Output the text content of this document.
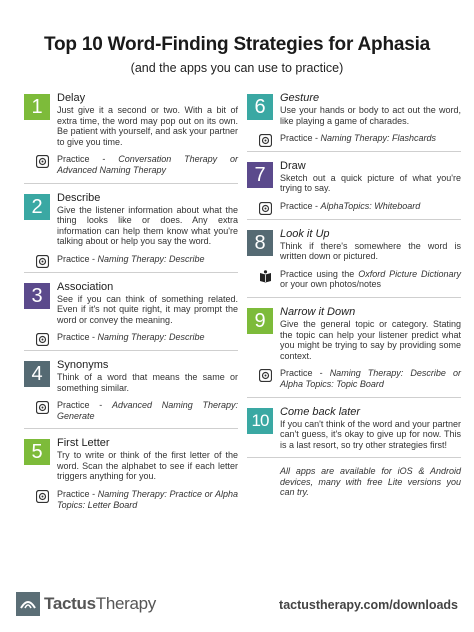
Top 10 Word-Finding Strategies for Aphasia
(and the apps you can use to practice)
1	Delay
Just give it a second or two. With a bit of extra time, the word may pop out on its own. Be patient with yourself, and ask your partner to give you time.
Practice - Conversation Therapy or Advanced Naming Therapy
2	Describe
Give the listener information about what the thing looks like or does. Any extra information can help them know what you're talking about or help you say the word.
Practice - Naming Therapy: Describe
3	Association
See if you can think of something related. Even if it's not quite right, it may prompt the word or convey the meaning.
Practice - Naming Therapy: Describe
4	Synonyms
Think of a word that means the same or something similar.
Practice - Advanced Naming Therapy: Generate
5	First Letter
Try to write or think of the first letter of the word. Scan the alphabet to see if each letter triggers anything for you.
Practice - Naming Therapy: Practice or Alpha Topics: Letter Board
6	Gesture
Use your hands or body to act out the word, like playing a game of charades.
Practice - Naming Therapy: Flashcards
7	Draw
Sketch out a quick picture of what you're trying to say.
Practice - AlphaTopics: Whiteboard
8	Look it Up
Think if there's somewhere the word is written down or pictured.
Practice using the Oxford Picture Dictionary or your own photos/notes
9	Narrow it Down
Give the general topic or category. Stating the topic can help your listener predict what you might be trying to say by providing some context.
Practice - Naming Therapy: Describe or Alpha Topics: Topic Board
10	Come back later
If you can't think of the word and your partner can't guess, it's okay to give up for now. This is a last resort, so try other strategies first!
All apps are available for iOS & Android devices, many with free Lite versions you can try.
TactusTherapy	tactustherapy.com/downloads
